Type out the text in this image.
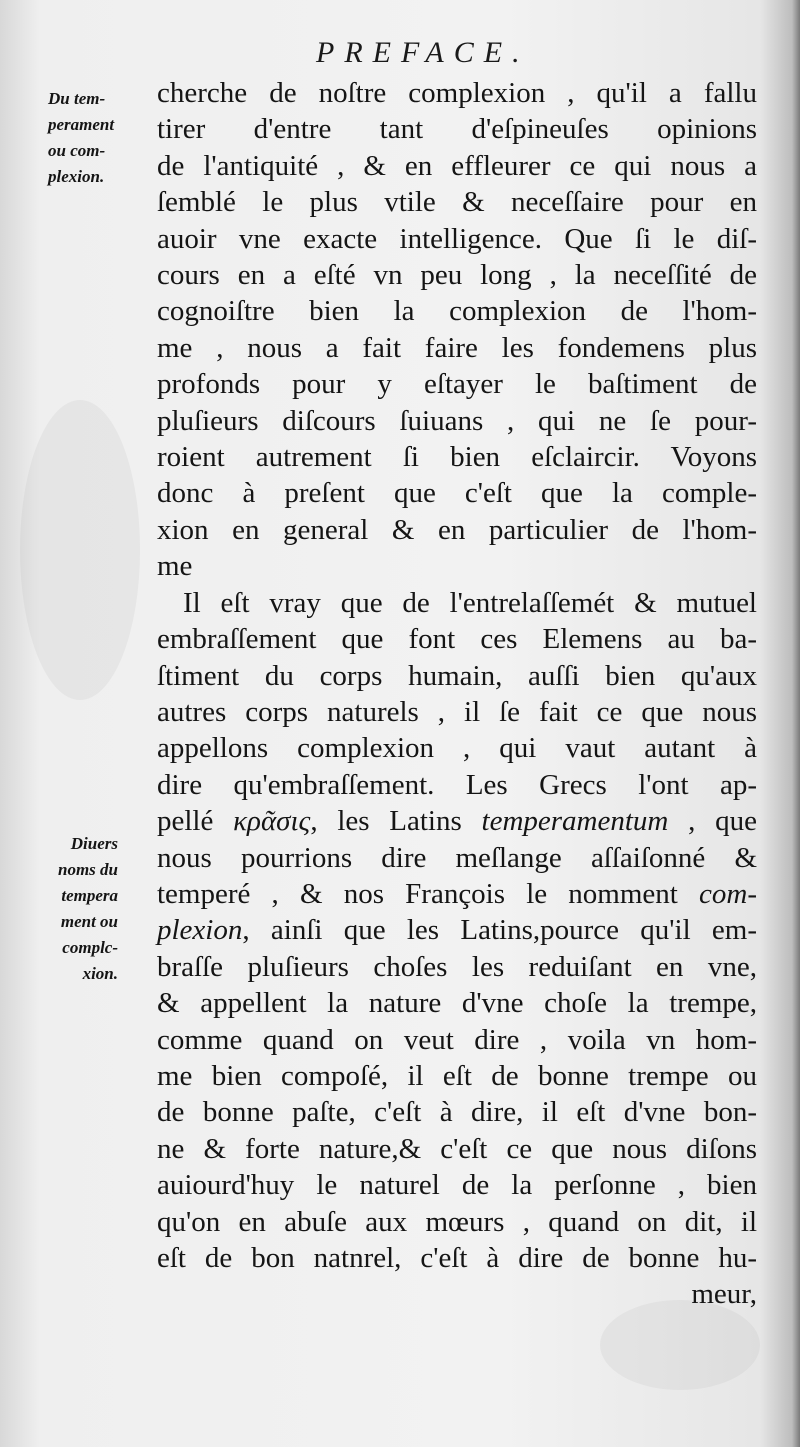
PREFACE.
Du tem-
perament
ou com-
plexion.
Diuers
noms du
tempera
ment ou
complc-
xion.
cherche de noſtre complexion , qu'il a fallu
tirer d'entre tant d'eſpineuſes opinions
de l'antiquité , & en effleurer ce qui nous a
ſemblé le plus vtile & neceſſaire pour en
auoir vne exacte intelligence. Que ſi le diſ-
cours en a eſté vn peu long , la neceſſité de
cognoiſtre bien la complexion de l'hom-
me , nous a fait faire les fondemens plus
profonds pour y eſtayer le baſtiment de
pluſieurs diſcours ſuiuans , qui ne ſe pour-
roient autrement ſi bien eſclaircir. Voyons
donc à preſent que c'eſt que la comple-
xion en general & en particulier de l'hom-
me
Il eſt vray que de l'entrelaſſemét & mutuel
embraſſement que font ces Elemens au ba-
ſtiment du corps humain, auſſi bien qu'aux
autres corps naturels , il ſe fait ce que nous
appellons complexion , qui vaut autant à
dire qu'embraſſement. Les Grecs l'ont ap-
pellé κρᾶσις, les Latins temperamentum , que
nous pourrions dire meſlange aſſaiſonné &
temperé , & nos François le nomment com-
plexion, ainſi que les Latins,pource qu'il em-
braſſe pluſieurs choſes les reduiſant en vne,
& appellent la nature d'vne choſe la trempe,
comme quand on veut dire , voila vn hom-
me bien compoſé, il eſt de bonne trempe ou
de bonne paſte, c'eſt à dire, il eſt d'vne bon-
ne & forte nature,& c'eſt ce que nous diſons
auiourd'huy le naturel de la perſonne , bien
qu'on en abuſe aux mœurs , quand on dit, il
eſt de bon natnrel, c'eſt à dire de bonne hu-
meur,
